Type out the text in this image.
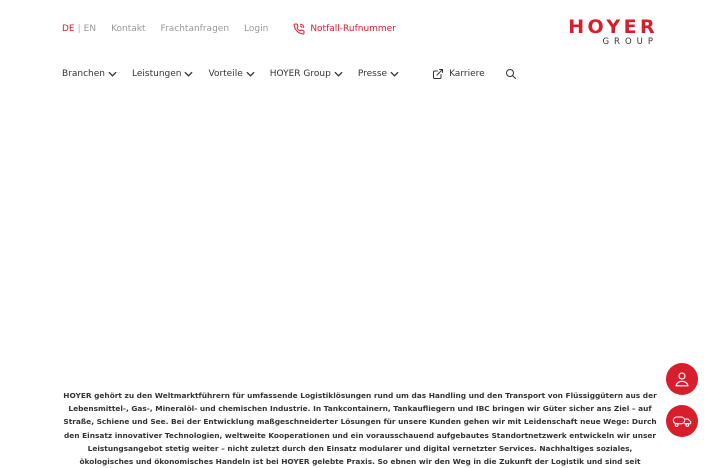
DE | EN Kontakt Frachtanfragen Login	Notfall-Rufnummer	HOYER
GROUP
Branchen	Leistungen	Vorteile	HOYER Group	Presse	Karriere

HOYER gehört zu den Weltmarktführern für umfassende Logistiklösungen rund um das Handling und den Transport von Flüssiggütern aus der Lebensmittel-, Gas-, Mineralöl- und chemischen Industrie. In Tankcontainern, Tankaufliegern und IBC bringen wir Güter sicher ans Ziel – auf Straße, Schiene und See. Bei der Entwicklung maßgeschneiderter Lösungen für unsere Kunden gehen wir mit Leidenschaft neue Wege: Durch den Einsatz innovativer Technologien, weltweite Kooperationen und ein vorausschauend aufgebautes Standortnetzwerk entwickeln wir unser Leistungsangebot stetig weiter – nicht zuletzt durch den Einsatz modularer und digital vernetzter Services. Nachhaltiges soziales, ökologisches und ökonomisches Handeln ist bei HOYER gelebte Praxis. So ebnen wir den Weg in die Zukunft der Logistik und sind seit
